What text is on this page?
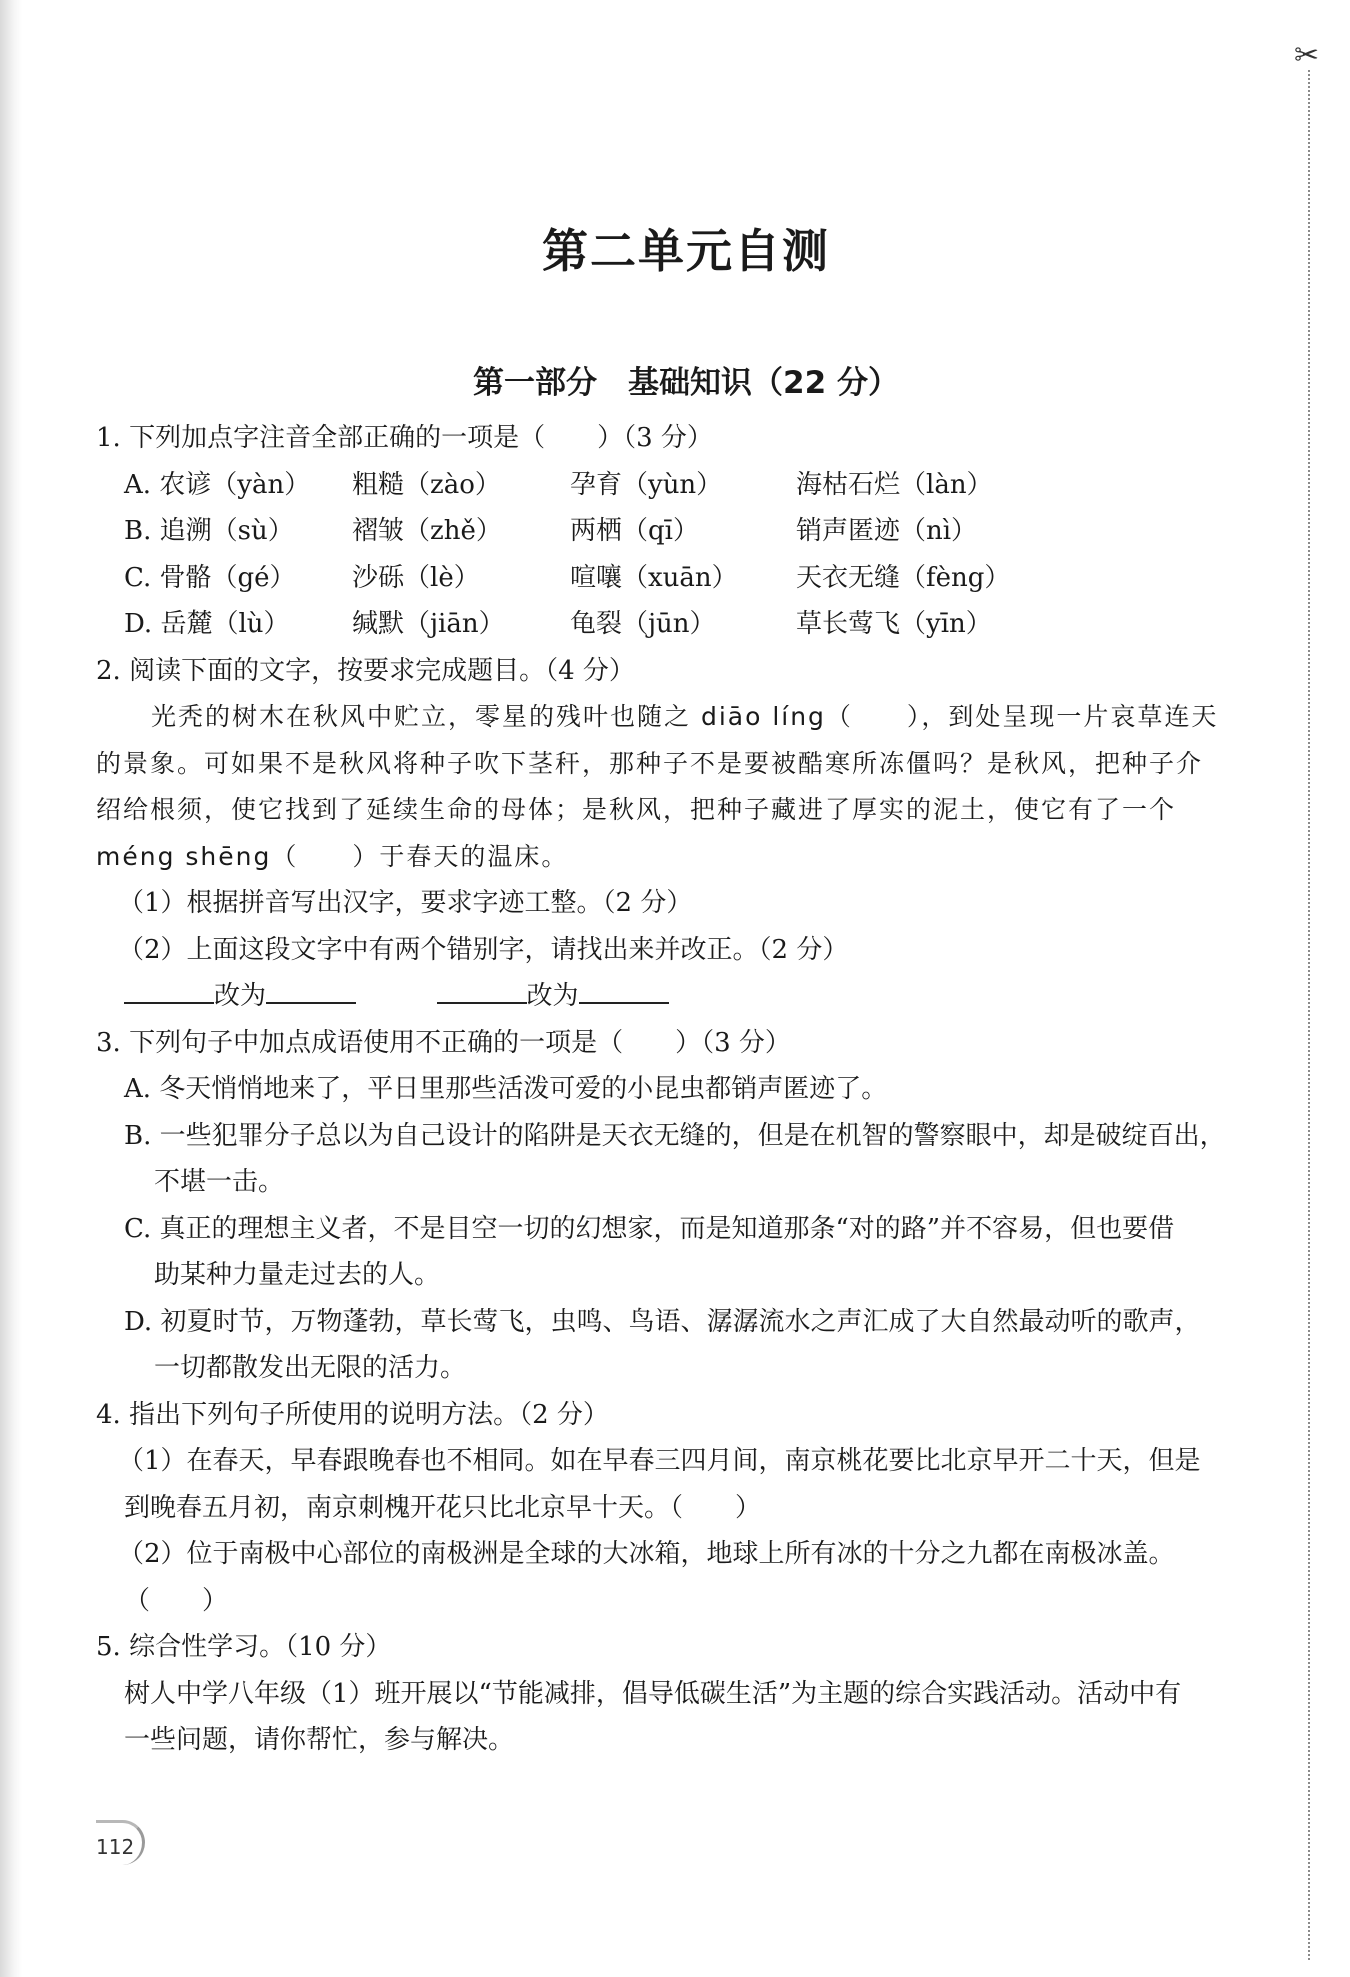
✂
第二单元自测
第一部分　基础知识（22 分）
1. 下列加点字注音全部正确的一项是（　　）（3 分）
A. 农谚（yàn）	粗糙（zào）	孕育（yùn）	海枯石烂（làn）
B. 追溯（sù）	褶皱（zhě）	两栖（qī）	销声匿迹（nì）
C. 骨骼（gé）	沙砾（lè）	喧嚷（xuān）	天衣无缝（fèng）
D. 岳麓（lù）	缄默（jiān）	龟裂（jūn）	草长莺飞（yīn）
2. 阅读下面的文字，按要求完成题目。（4 分）
光秃的树木在秋风中贮立，零星的残叶也随之 diāo líng（　　），到处呈现一片哀草连天
的景象。可如果不是秋风将种子吹下茎秆，那种子不是要被酷寒所冻僵吗？是秋风，把种子介
绍给根须，使它找到了延续生命的母体；是秋风，把种子藏进了厚实的泥土，使它有了一个
méng shēng（　　）于春天的温床。
（1）根据拼音写出汉字，要求字迹工整。（2 分）
（2）上面这段文字中有两个错别字，请找出来并改正。（2 分）
改为	改为
3. 下列句子中加点成语使用不正确的一项是（　　）（3 分）
A. 冬天悄悄地来了，平日里那些活泼可爱的小昆虫都销声匿迹了。
B. 一些犯罪分子总以为自己设计的陷阱是天衣无缝的，但是在机智的警察眼中，却是破绽百出，
不堪一击。
C. 真正的理想主义者，不是目空一切的幻想家，而是知道那条“对的路”并不容易，但也要借
助某种力量走过去的人。
D. 初夏时节，万物蓬勃，草长莺飞，虫鸣、鸟语、潺潺流水之声汇成了大自然最动听的歌声，
一切都散发出无限的活力。
4. 指出下列句子所使用的说明方法。（2 分）
（1）在春天，早春跟晚春也不相同。如在早春三四月间，南京桃花要比北京早开二十天，但是
到晚春五月初，南京刺槐开花只比北京早十天。（　　）
（2）位于南极中心部位的南极洲是全球的大冰箱，地球上所有冰的十分之九都在南极冰盖。
（　　）
5. 综合性学习。（10 分）
树人中学八年级（1）班开展以“节能减排，倡导低碳生活”为主题的综合实践活动。活动中有
一些问题，请你帮忙，参与解决。
112
